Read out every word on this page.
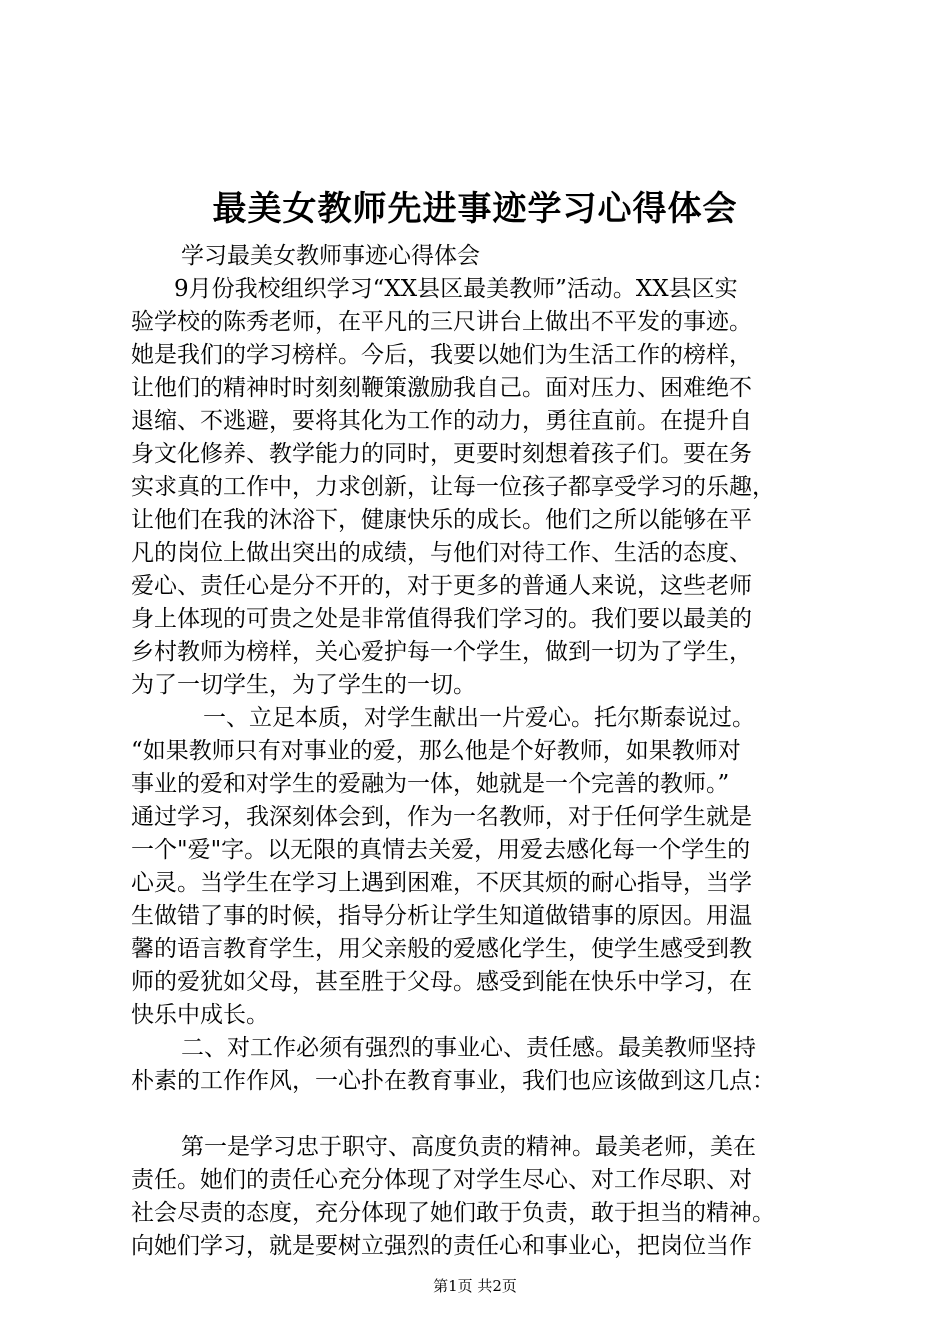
最美女教师先进事迹学习心得体会
学习最美女教师事迹心得体会
9月份我校组织学习“XX县区最美教师”活动。XX县区实
验学校的陈秀老师，在平凡的三尺讲台上做出不平发的事迹。
她是我们的学习榜样。今后，我要以她们为生活工作的榜样，
让他们的精神时时刻刻鞭策激励我自己。面对压力、困难绝不
退缩、不逃避，要将其化为工作的动力，勇往直前。在提升自
身文化修养、教学能力的同时，更要时刻想着孩子们。要在务
实求真的工作中，力求创新，让每一位孩子都享受学习的乐趣，
让他们在我的沐浴下，健康快乐的成长。他们之所以能够在平
凡的岗位上做出突出的成绩，与他们对待工作、生活的态度、
爱心、责任心是分不开的，对于更多的普通人来说，这些老师
身上体现的可贵之处是非常值得我们学习的。我们要以最美的
乡村教师为榜样，关心爱护每一个学生，做到一切为了学生，
为了一切学生，为了学生的一切。
一、立足本质，对学生献出一片爱心。托尔斯泰说过。
“如果教师只有对事业的爱，那么他是个好教师，如果教师对
事业的爱和对学生的爱融为一体，她就是一个完善的教师。”
通过学习，我深刻体会到，作为一名教师，对于任何学生就是
一个"爱"字。以无限的真情去关爱，用爱去感化每一个学生的
心灵。当学生在学习上遇到困难，不厌其烦的耐心指导，当学
生做错了事的时候，指导分析让学生知道做错事的原因。用温
馨的语言教育学生，用父亲般的爱感化学生，使学生感受到教
师的爱犹如父母，甚至胜于父母。感受到能在快乐中学习，在
快乐中成长。
二、对工作必须有强烈的事业心、责任感。最美教师坚持
朴素的工作作风，一心扑在教育事业，我们也应该做到这几点：
第一是学习忠于职守、高度负责的精神。最美老师，美在
责任。她们的责任心充分体现了对学生尽心、对工作尽职、对
社会尽责的态度，充分体现了她们敢于负责，敢于担当的精神。
向她们学习，就是要树立强烈的责任心和事业心，把岗位当作
第1页 共2页
